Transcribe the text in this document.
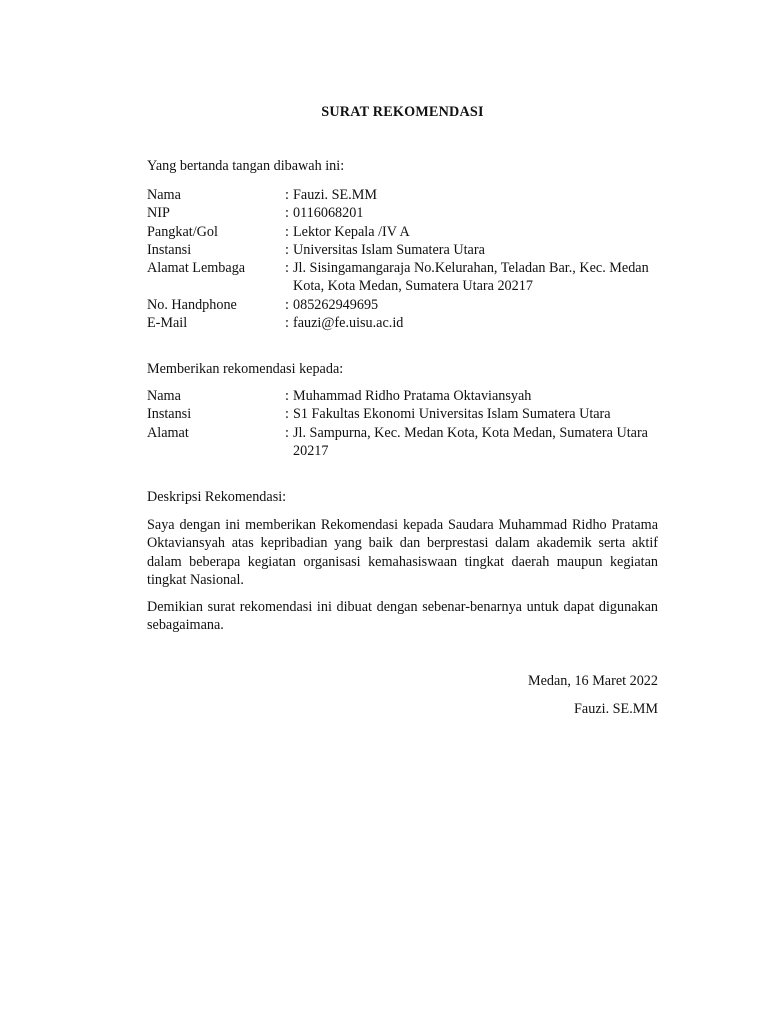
SURAT REKOMENDASI
Yang bertanda tangan dibawah ini:
Nama	: Fauzi. SE.MM
NIP	: 0116068201
Pangkat/Gol	: Lektor Kepala /IV A
Instansi	: Universitas Islam Sumatera Utara
Alamat Lembaga	: Jl. Sisingamangaraja No.Kelurahan, Teladan Bar., Kec. Medan Kota, Kota Medan, Sumatera Utara 20217
No. Handphone	: 085262949695
E-Mail	: fauzi@fe.uisu.ac.id
Memberikan rekomendasi kepada:
Nama	: Muhammad Ridho Pratama Oktaviansyah
Instansi	: S1 Fakultas Ekonomi Universitas Islam Sumatera Utara
Alamat	: Jl. Sampurna, Kec. Medan Kota, Kota Medan, Sumatera Utara 20217
Deskripsi Rekomendasi:

Saya dengan ini memberikan Rekomendasi kepada Saudara Muhammad Ridho Pratama Oktaviansyah atas kepribadian yang baik dan berprestasi dalam akademik serta aktif dalam beberapa kegiatan organisasi kemahasiswaan tingkat daerah maupun kegiatan tingkat Nasional.

Demikian surat rekomendasi ini dibuat dengan sebenar-benarnya untuk dapat digunakan sebagaimana.

Medan, 16 Maret 2022
Fauzi. SE.MM
